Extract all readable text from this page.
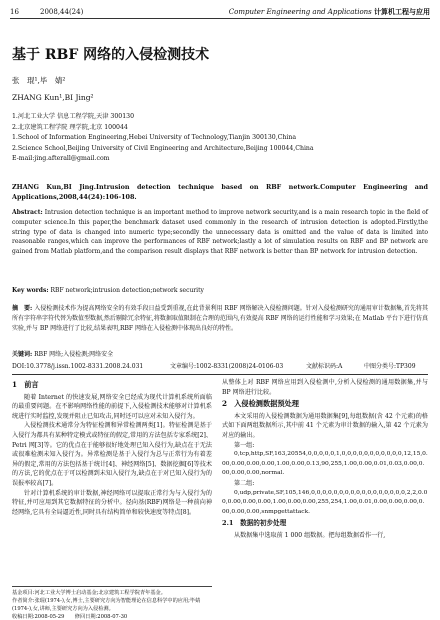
16	2008,44(24)	Computer Engineering and Applications 计算机工程与应用
基于 RBF 网络的入侵检测技术
张　琨¹,毕　婧²
ZHANG Kun¹,BI Jing²
1.河北工业大学 信息工程学院,天津 300130
2.北京建筑工程学院 理学院,北京 100044
1.School of Information Engineering,Hebei University of Technology,Tianjin 300130,China
2.Science School,Beijing University of Civil Engineering and Architecture,Beijing 100044,China
E-mail:jing.afterall@gmail.com
ZHANG Kun,BI Jing.Intrusion detection technique based on RBF network.Computer Engineering and Applications,2008,44(24):106-108.
Abstract: Intrusion detection technique is an important method to improve network security,and is a main research topic in the field of computer science.In this paper,the benchmark dataset used commonly in the research of intrusion detection is adopted.Firstly,the string type of data is changed into numeric type;secondly the unnecessary data is omitted and the value of data is limited into reasonable ranges,which can improve the performances of RBF network;lastly a lot of simulation results on RBF and BP network are gained from Matlab platform,and the comparison result displays that RBF network is better than BP network for intrusion detection.
Key words: RBF network;intrusion detection;network security
摘　要: 入侵检测技术作为提高网络安全的有效手段日益受到重视,在此背景利用 RBF 网络解决入侵检测问题。针对入侵检测研究的通用审计数据集,首先将其所有字符串字符代替为数值型数据,然后剔除冗余特征,将数据取值限制在合理的范围内,有效提高 RBF 网络的运行性能和学习效果;在 Matlab 平台下进行仿真实验,并与 BP 网络进行了比较,结果表明,RBF 网络在入侵检测中体现出良好的特性。
关键词: RBF 网络;入侵检测;网络安全
DOI:10.3778/j.issn.1002-8331.2008.24.031	文章编号:1002-8331(2008)24-0106-03	文献标识码:A	中图分类号:TP309
1　前言

随着 Internet 的快速发展,网络安全已经成为现代计算机系统所面临的最重要问题。在不影响网络性能的前提下,入侵检测技术能够对计算机系统进行实时监控,发现并阻止已知攻击,同时还可以应对未知入侵行为。

入侵检测技术通常分为特征检测和异常检测两类[1]。特征检测是基于入侵行为都具有某种特定模式或特征的假定,常用的方法包括专家系统[2]、Petri 网[3]等。它的优点在于能够很好地处理已知入侵行为,缺点在于无法或很难检测未知入侵行为。异常检测是基于入侵行为总与正常行为有着差异的假定,常用的方法包括基于统计[4]、神经网络[5]、数据挖掘[6]等技术的方法,它的优点在于可以检测到未知入侵行为,缺点在于对已知入侵行为的误报率较高[7]。

针对计算机系统的审计数据,神经网络可以提取正常行为与入侵行为的特征,并可应用到其它数据特征的分析中。径向基(RBF)网络是一种前向神经网络,它具有全局逼近性,同时具有结构简单和较快速度等特点[8]。

从整体上对 RBF 网络应用到入侵检测中,分析入侵检测的通用数据集,并与 BP 网络进行比较。

2　入侵检测数据预处理

本文采用的入侵检测数据为通用数据集[9],每组数据(含 42 个元素)的格式如下面两组数据所示,其中前 41 个元素为审计数据的输入,第 42 个元素为对应的输出。

第一组:

0,tcp,http,SF,163,20554,0,0,0,0,0,1,0,0,0,0,0,0,0,0,0,0,0,12,15,0.00,0.00,0.00,0.00,1.00,0.00,0.13,90,255,1.00,0.00,0.01,0.03,0.00,0.00,0.00,0.00,normal.

第二组:

0,udp,private,SF,105,146,0,0,0,0,0,0,0,0,0,0,0,0,0,0,0,0,0,2,2,0.00,0.00,0.00,0.00,1.00,0.00,0.00,255,254,1.00,0.01,0.00,0.00,0.00,0.00,0.00,0.00,snmpgettattack.

2.1　数据的初步处理

从数据集中选取前 1 000 组数据。把每组数据看作一行,

基金项目:河北工业大学博士启动基金;北京建筑工程学院青年基金。
作者简介:张琨(1974-),女,博士,主要研究方向为智能理论在信息科学中的应用;毕婧(1974-),女,讲师,主要研究方向为入侵检测。
收稿日期:2008-05-29　　修回日期:2008-07-30
